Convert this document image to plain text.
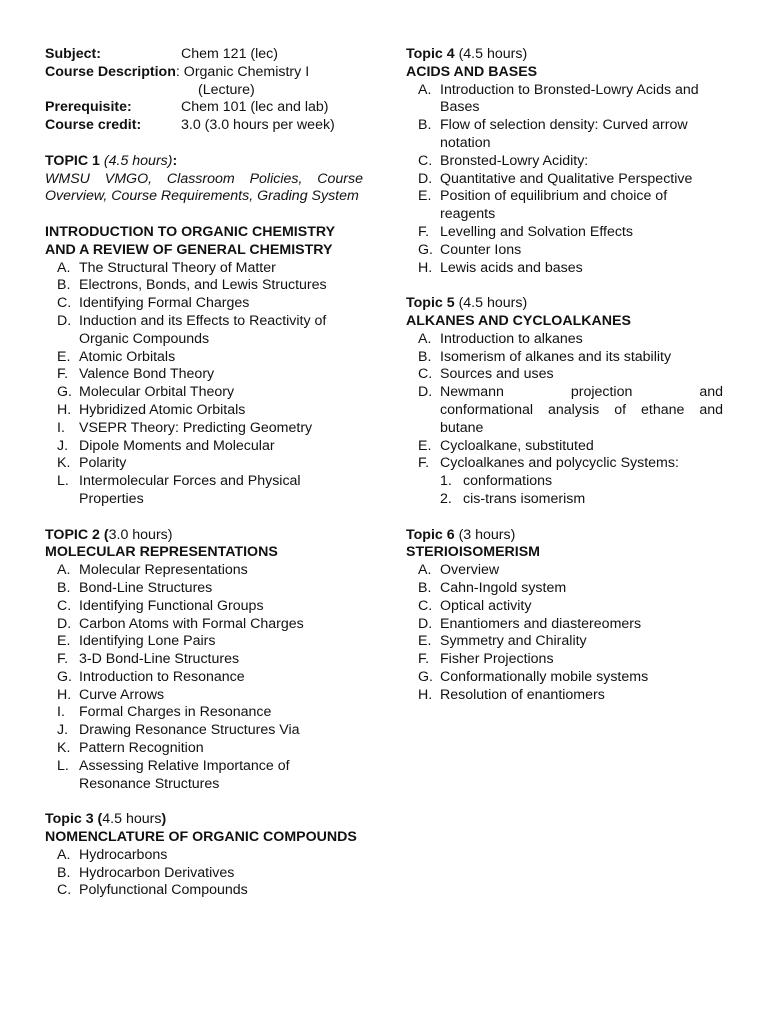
Subject:	Chem 121 (lec)
Course Description :
Organic Chemistry I
(Lecture)
Prerequisite:	Chem 101 (lec and lab)
Course credit:	3.0 (3.0 hours per week)
TOPIC 1 (4.5 hours):
WMSU VMGO, Classroom Policies, Course Overview, Course Requirements, Grading System
INTRODUCTION TO ORGANIC CHEMISTRY AND A REVIEW OF GENERAL CHEMISTRY
A. The Structural Theory of Matter
B. Electrons, Bonds, and Lewis Structures
C. Identifying Formal Charges
D. Induction and its Effects to Reactivity of Organic Compounds
E. Atomic Orbitals
F. Valence Bond Theory
G. Molecular Orbital Theory
H. Hybridized Atomic Orbitals
I. VSEPR Theory: Predicting Geometry
J. Dipole Moments and Molecular
K. Polarity
L. Intermolecular Forces and Physical Properties
TOPIC 2 (3.0 hours)
MOLECULAR REPRESENTATIONS
A. Molecular Representations
B. Bond-Line Structures
C. Identifying Functional Groups
D. Carbon Atoms with Formal Charges
E. Identifying Lone Pairs
F. 3-D Bond-Line Structures
G. Introduction to Resonance
H. Curve Arrows
I. Formal Charges in Resonance
J. Drawing Resonance Structures Via
K. Pattern Recognition
L. Assessing Relative Importance of Resonance Structures
Topic 3 (4.5 hours)
NOMENCLATURE OF ORGANIC COMPOUNDS
A. Hydrocarbons
B. Hydrocarbon Derivatives
C. Polyfunctional Compounds
Topic 4 (4.5 hours)
ACIDS AND BASES
A. Introduction to Bronsted-Lowry Acids and Bases
B. Flow of selection density: Curved arrow notation
C. Bronsted-Lowry Acidity:
D. Quantitative and Qualitative Perspective
E. Position of equilibrium and choice of reagents
F. Levelling and Solvation Effects
G. Counter Ions
H. Lewis acids and bases
Topic 5 (4.5 hours)
ALKANES AND CYCLOALKANES
A. Introduction to alkanes
B. Isomerism of alkanes and its stability
C. Sources and uses
D. Newmann	projection	and
conformational analysis of ethane and butane
E. Cycloalkane, substituted
F. Cycloalkanes and polycyclic Systems:
1. conformations
2. cis-trans isomerism
Topic 6 (3 hours)
STERIOISOMERISM
A. Overview
B. Cahn-Ingold system
C. Optical activity
D. Enantiomers and diastereomers
E. Symmetry and Chirality
F. Fisher Projections
G. Conformationally mobile systems
H. Resolution of enantiomers
